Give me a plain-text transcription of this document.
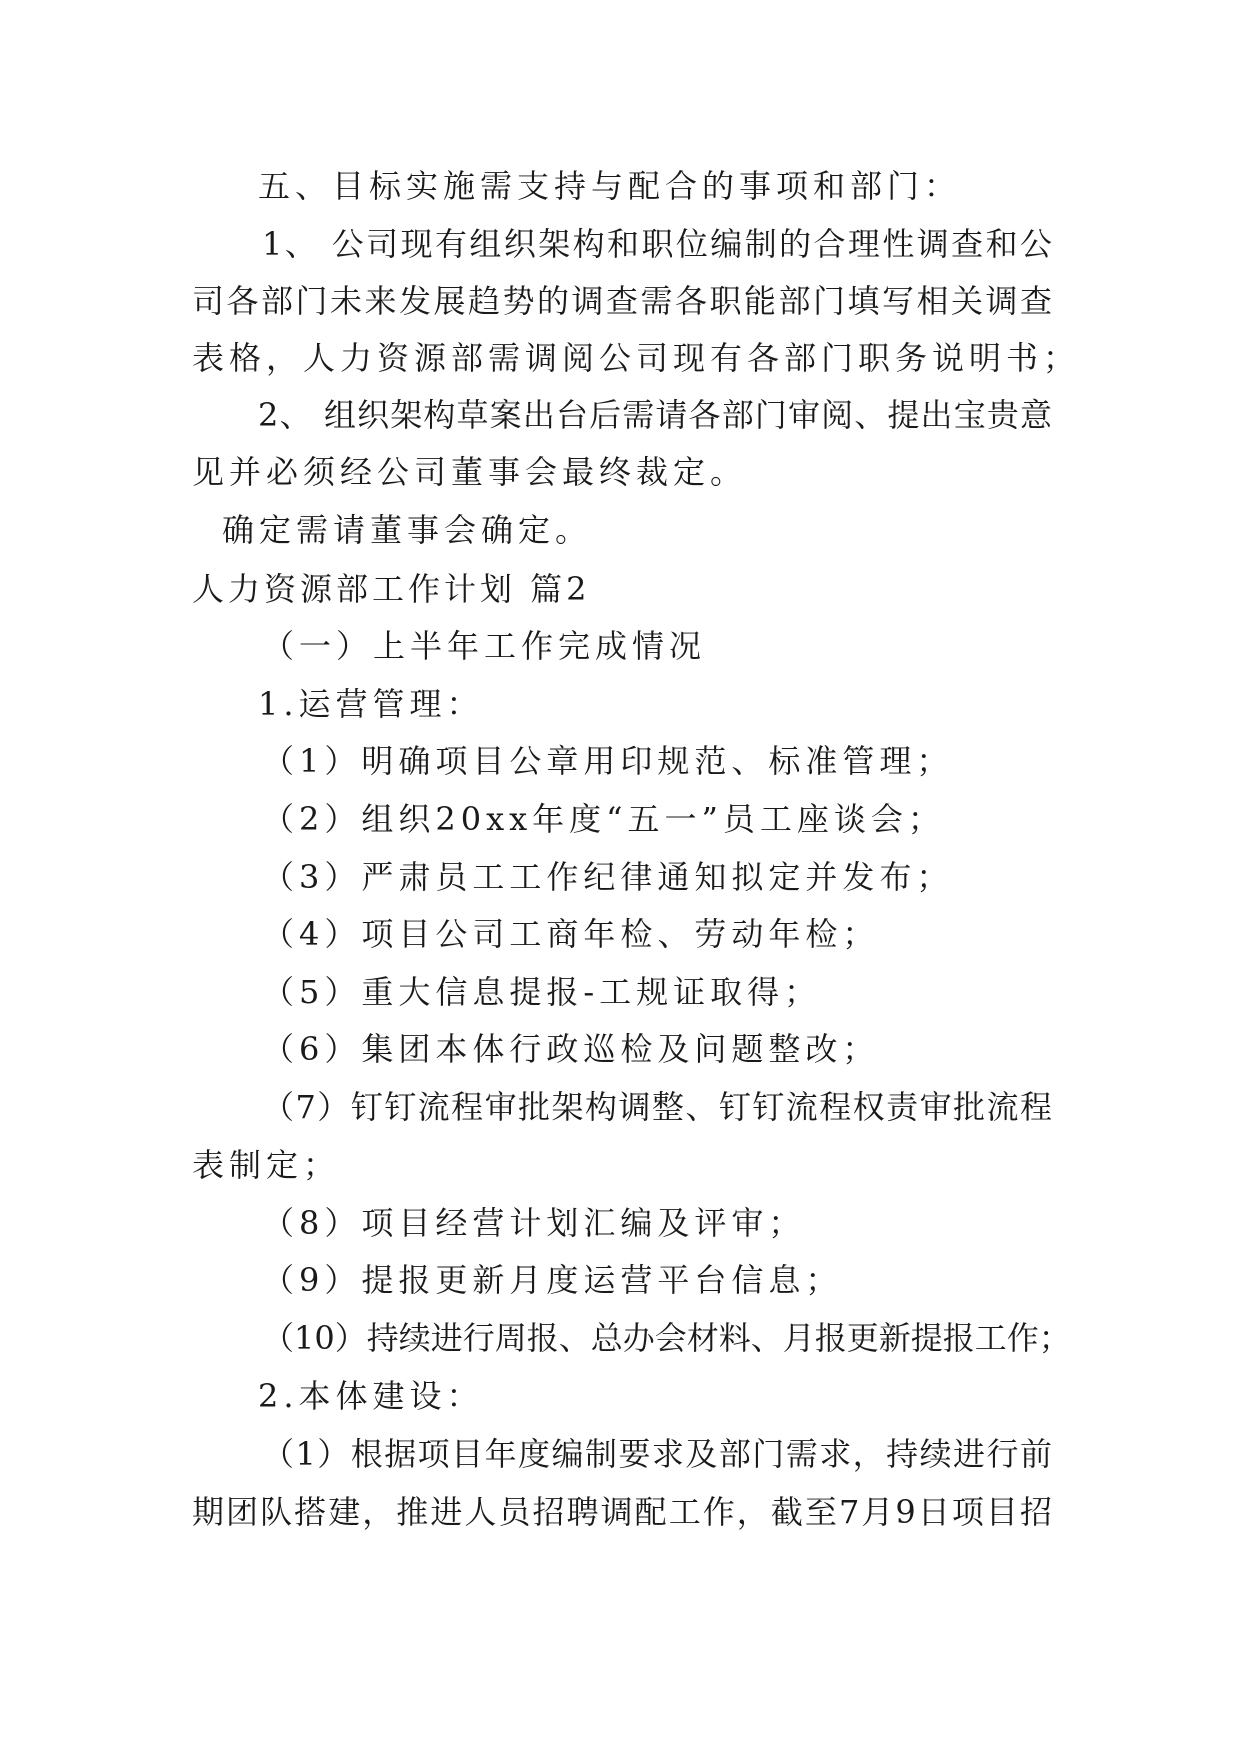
五、目标实施需支持与配合的事项和部门：
1、 公司现有组织架构和职位编制的合理性调查和公
司各部门未来发展趋势的调查需各职能部门填写相关调查
表格，人力资源部需调阅公司现有各部门职务说明书；
2、 组织架构草案出台后需请各部门审阅、提出宝贵意
见并必须经公司董事会最终裁定。
确定需请董事会确定。
人力资源部工作计划 篇2
（一）上半年工作完成情况
1.运营管理：
（1）明确项目公章用印规范、标准管理；
（2）组织20xx年度“五一”员工座谈会；
（3）严肃员工工作纪律通知拟定并发布；
（4）项目公司工商年检、劳动年检；
（5）重大信息提报-工规证取得；
（6）集团本体行政巡检及问题整改；
（7）钉钉流程审批架构调整、钉钉流程权责审批流程
表制定；
（8）项目经营计划汇编及评审；
（9）提报更新月度运营平台信息；
（10）持续进行周报、总办会材料、月报更新提报工作；
2.本体建设：
（1）根据项目年度编制要求及部门需求，持续进行前
期团队搭建，推进人员招聘调配工作，截至7月9日项目招
